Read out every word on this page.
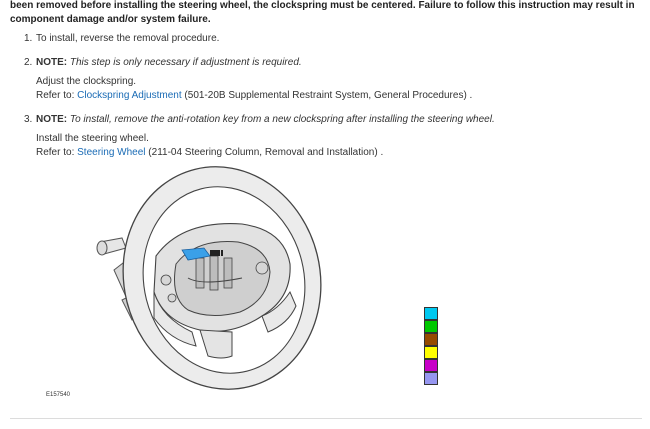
been removed before installing the steering wheel, the clockspring must be centered. Failure to follow this instruction may result in component damage and/or system failure.
1. To install, reverse the removal procedure.
2. NOTE: This step is only necessary if adjustment is required.
Adjust the clockspring.
Refer to: Clockspring Adjustment (501-20B Supplemental Restraint System, General Procedures) .
3. NOTE: To install, remove the anti-rotation key from a new clockspring after installing the steering wheel.
Install the steering wheel.
Refer to: Steering Wheel (211-04 Steering Column, Removal and Installation) .
E157540
